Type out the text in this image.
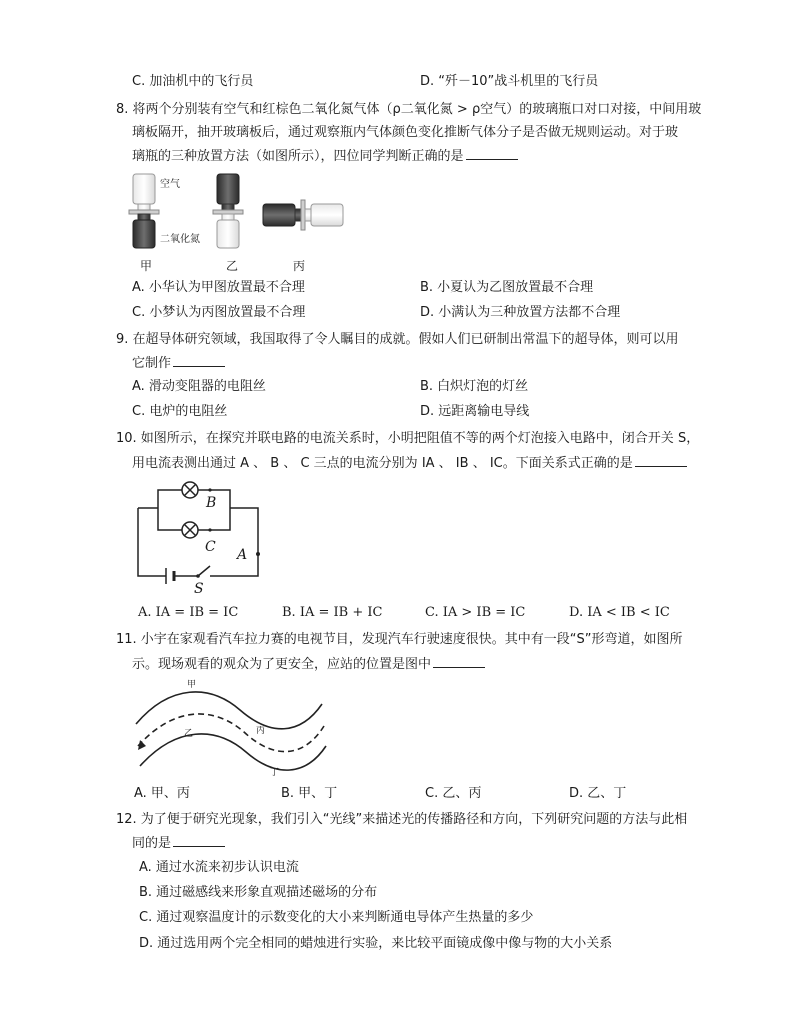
C. 加油机中的飞行员	D. “歼－10”战斗机里的飞行员
8. 将两个分别装有空气和红棕色二氧化氮气体（ρ二氧化氮 > ρ空气）的玻璃瓶口对口对接，中间用玻
璃板隔开，抽开玻璃板后，通过观察瓶内气体颜色变化推断气体分子是否做无规则运动。对于玻
璃瓶的三种放置方法（如图所示），四位同学判断正确的是
空气
二氧化氮
甲	乙	丙
A. 小华认为甲图放置最不合理	B. 小夏认为乙图放置最不合理
C. 小梦认为丙图放置最不合理	D. 小满认为三种放置方法都不合理
9. 在超导体研究领域，我国取得了令人瞩目的成就。假如人们已研制出常温下的超导体，则可以用
它制作
A. 滑动变阻器的电阻丝	B. 白炽灯泡的灯丝
C. 电炉的电阻丝	D. 远距离输电导线
10. 如图所示，在探究并联电路的电流关系时，小明把阻值不等的两个灯泡接入电路中，闭合开关 S，
用电流表测出通过 A 、 B 、 C 三点的电流分别为 IA 、 IB 、 IC。下面关系式正确的是
B
C A
S
A. IA = IB = IC	B. IA = IB + IC	C. IA > IB = IC	D. IA < IB < IC
11. 小宇在家观看汽车拉力赛的电视节目，发现汽车行驶速度很快。其中有一段“S”形弯道，如图所
示。现场观看的观众为了更安全，应站的位置是图中
甲
乙	丙
丁
A. 甲、丙	B. 甲、丁	C. 乙、丙	D. 乙、丁
12. 为了便于研究光现象，我们引入“光线”来描述光的传播路径和方向，下列研究问题的方法与此相
同的是
A. 通过水流来初步认识电流
B. 通过磁感线来形象直观描述磁场的分布
C. 通过观察温度计的示数变化的大小来判断通电导体产生热量的多少
D. 通过选用两个完全相同的蜡烛进行实验，来比较平面镜成像中像与物的大小关系
